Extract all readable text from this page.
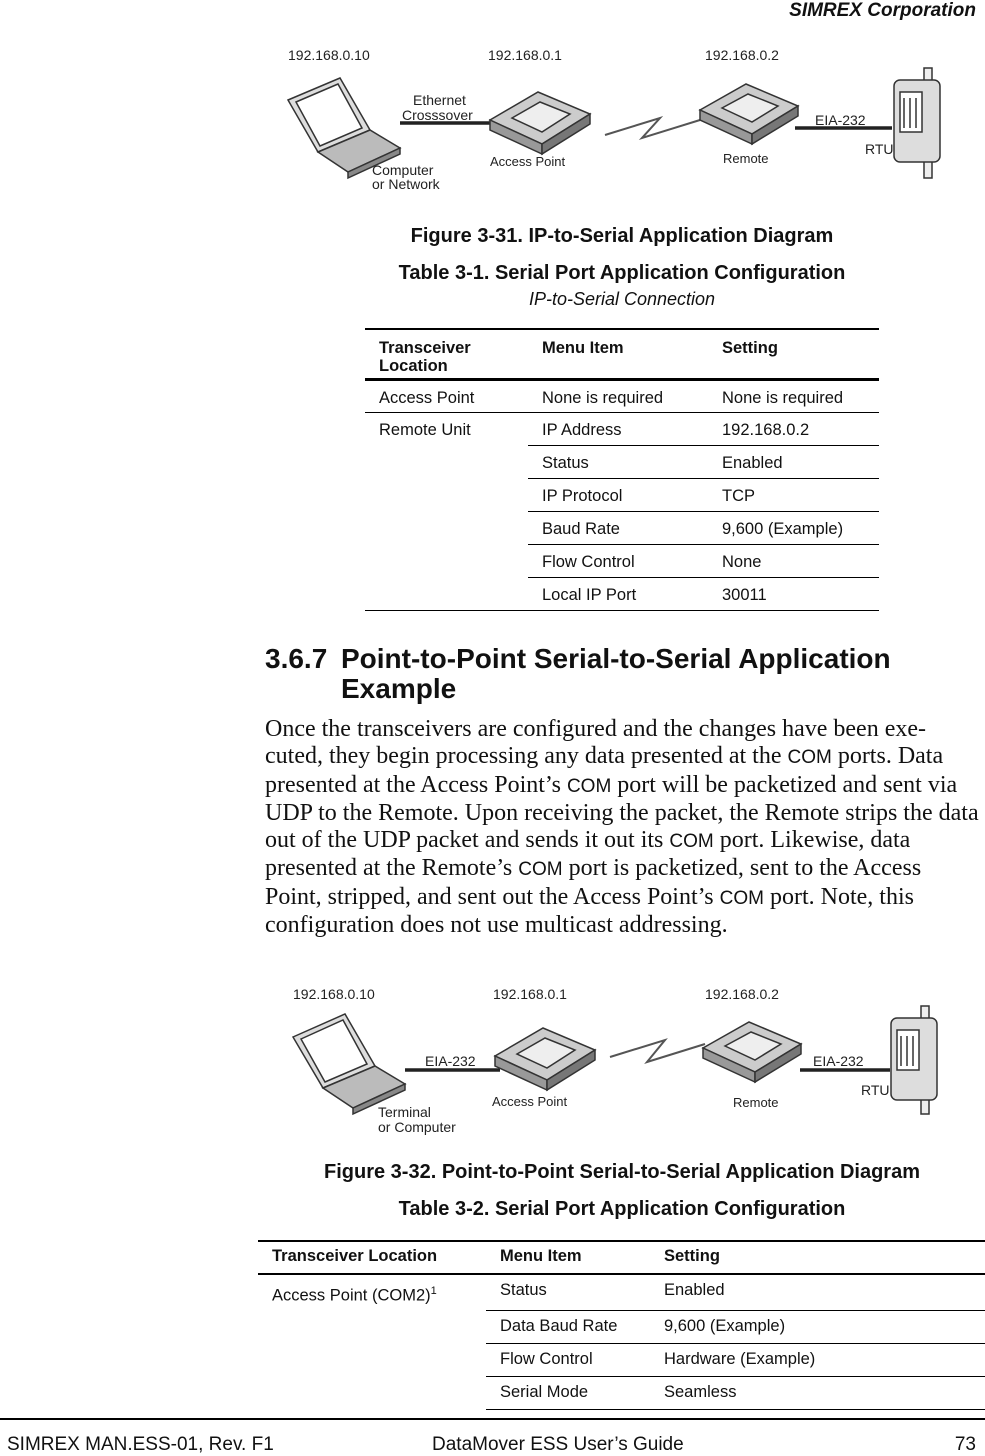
SIMREX Corporation
192.168.0.10	192.168.0.1	192.168.0.2
Ethernet
Crosssover
Computer
or Network
Access Point	Remote
EIA-232
RTU
Figure 3-31. IP-to-Serial Application Diagram
Table 3-1. Serial Port Application Configuration
IP-to-Serial Connection
Transceiver
Location	Menu Item	Setting
Access Point	None is required	None is required
Remote Unit	IP Address	192.168.0.2
	Status	Enabled
	IP Protocol	TCP
	Baud Rate	9,600 (Example)
	Flow Control	None
	Local IP Port	30011
3.6.7 Point-to-Point Serial-to-Serial Application
Example

Once the transceivers are configured and the changes have been exe-cuted, they begin processing any data presented at the COM ports. Data presented at the Access Point’s COM port will be packetized and sent via UDP to the Remote. Upon receiving the packet, the Remote strips the data out of the UDP packet and sends it out its COM port. Likewise, data presented at the Remote’s COM port is packetized, sent to the Access Point, stripped, and sent out the Access Point’s COM port. Note, this configuration does not use multicast addressing.

192.168.0.10	192.168.0.1	192.168.0.2
EIA-232
Terminal
or Computer
Access Point	Remote
EIA-232
RTU
Figure 3-32. Point-to-Point Serial-to-Serial Application Diagram
Table 3-2. Serial Port Application Configuration
Transceiver Location	Menu Item	Setting
Access Point $(COM2)^1$	Status	Enabled
	Data Baud Rate	9,600 (Example)
	Flow Control	Hardware (Example)
	Serial Mode	Seamless
SIMREX MAN.ESS-01, Rev. F1	DataMover ESS User’s Guide	73
